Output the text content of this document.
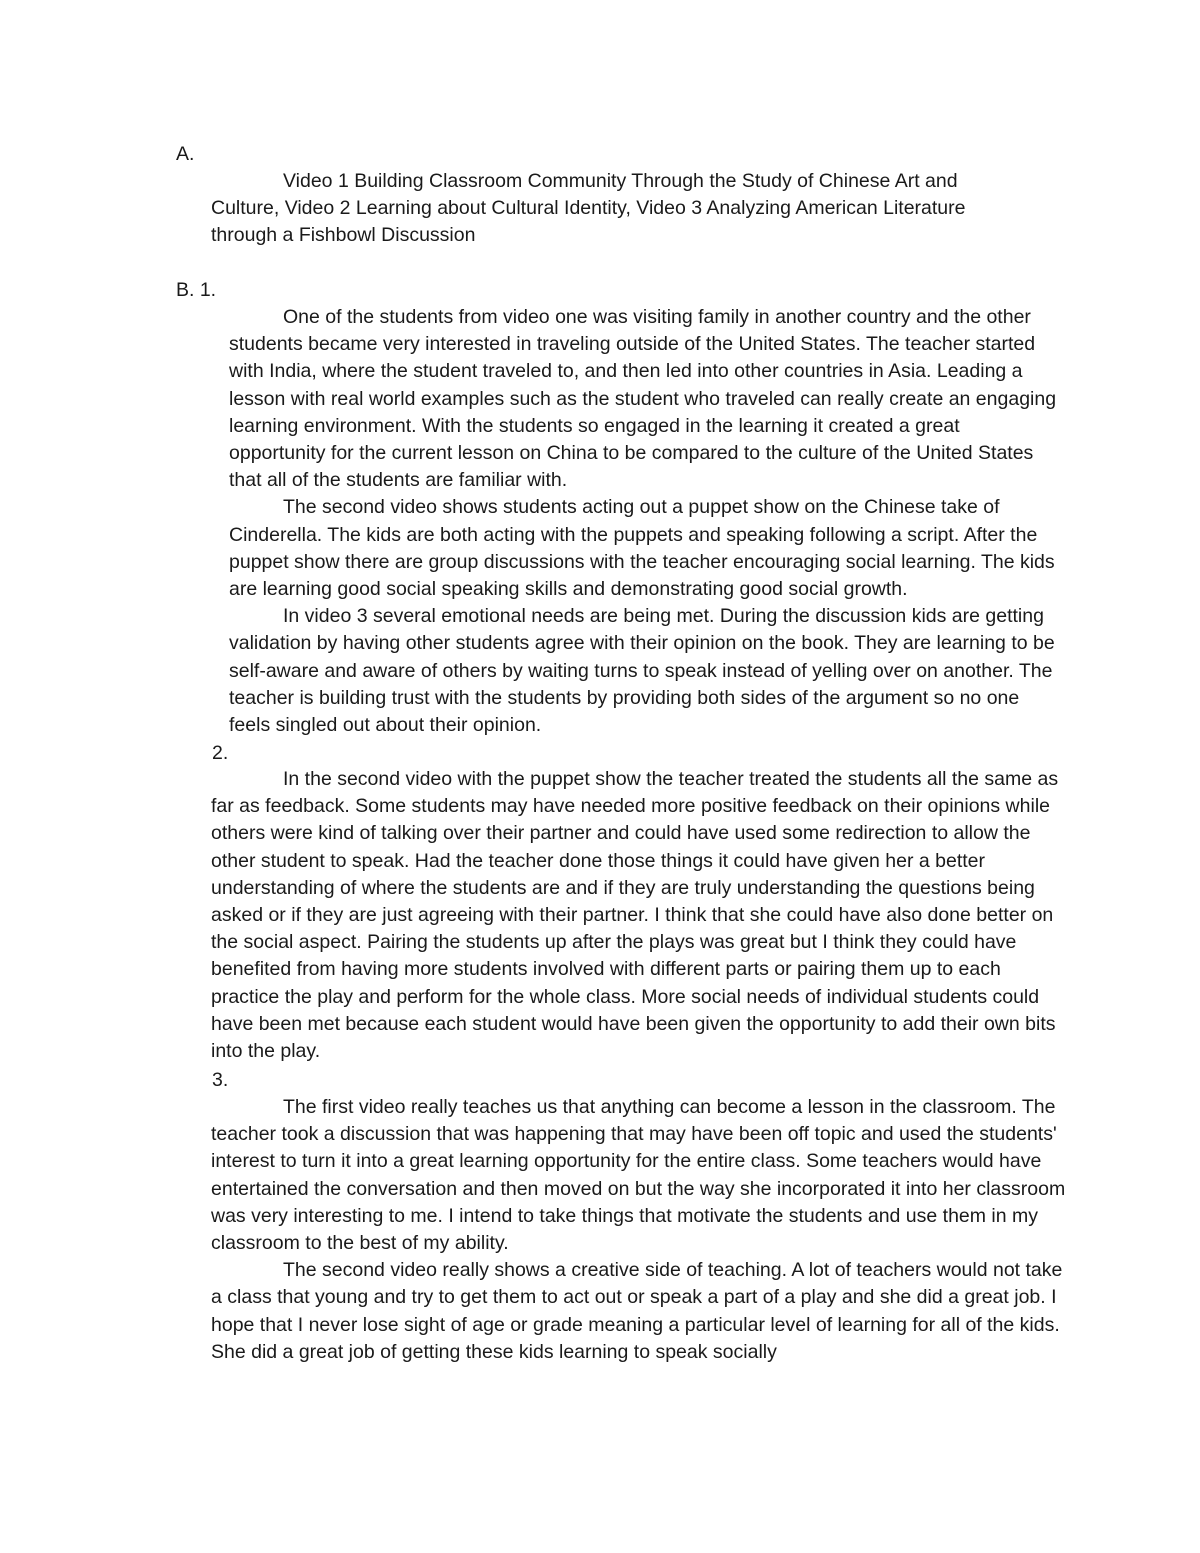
A.

Video 1 Building Classroom Community Through the Study of Chinese Art and Culture, Video 2 Learning about Cultural Identity, Video 3 Analyzing American Literature through a Fishbowl Discussion

B. 1.

One of the students from video one was visiting family in another country and the other students became very interested in traveling outside of the United States. The teacher started with India, where the student traveled to, and then led into other countries in Asia. Leading a lesson with real world examples such as the student who traveled can really create an engaging learning environment. With the students so engaged in the learning it created a great opportunity for the current lesson on China to be compared to the culture of the United States that all of the students are familiar with.

The second video shows students acting out a puppet show on the Chinese take of Cinderella. The kids are both acting with the puppets and speaking following a script. After the puppet show there are group discussions with the teacher encouraging social learning. The kids are learning good social speaking skills and demonstrating good social growth.

In video 3 several emotional needs are being met. During the discussion kids are getting validation by having other students agree with their opinion on the book. They are learning to be self-aware and aware of others by waiting turns to speak instead of yelling over on another. The teacher is building trust with the students by providing both sides of the argument so no one feels singled out about their opinion.

2.

In the second video with the puppet show the teacher treated the students all the same as far as feedback. Some students may have needed more positive feedback on their opinions while others were kind of talking over their partner and could have used some redirection to allow the other student to speak. Had the teacher done those things it could have given her a better understanding of where the students are and if they are truly understanding the questions being asked or if they are just agreeing with their partner. I think that she could have also done better on the social aspect. Pairing the students up after the plays was great but I think they could have benefited from having more students involved with different parts or pairing them up to each practice the play and perform for the whole class. More social needs of individual students could have been met because each student would have been given the opportunity to add their own bits into the play.

3.

The first video really teaches us that anything can become a lesson in the classroom. The teacher took a discussion that was happening that may have been off topic and used the students' interest to turn it into a great learning opportunity for the entire class. Some teachers would have entertained the conversation and then moved on but the way she incorporated it into her classroom was very interesting to me. I intend to take things that motivate the students and use them in my classroom to the best of my ability.

The second video really shows a creative side of teaching. A lot of teachers would not take a class that young and try to get them to act out or speak a part of a play and she did a great job. I hope that I never lose sight of age or grade meaning a particular level of learning for all of the kids. She did a great job of getting these kids learning to speak socially
